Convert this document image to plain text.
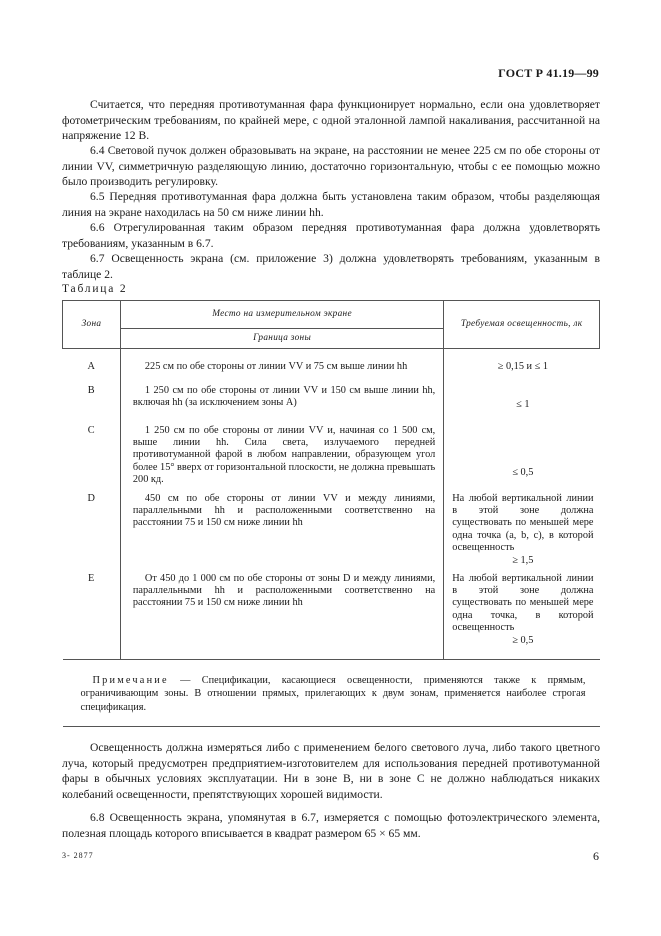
ГОСТ Р 41.19—99

Считается, что передняя противотуманная фара функционирует нормально, если она удовлетворяет фотометрическим требованиям, по крайней мере, с одной эталонной лампой накаливания, рассчитанной на напряжение 12 В.

6.4 Световой пучок должен образовывать на экране, на расстоянии не менее 225 см по обе стороны от линии VV, симметричную разделяющую линию, достаточно горизонтальную, чтобы с ее помощью можно было производить регулировку.

6.5 Передняя противотуманная фара должна быть установлена таким образом, чтобы разделяющая линия на экране находилась на 50 см ниже линии hh.

6.6 Отрегулированная таким образом передняя противотуманная фара должна удовлетворять требованиям, указанным в 6.7.

6.7 Освещенность экрана (см. приложение 3) должна удовлетворять требованиям, указанным в таблице 2.

Таблица 2
Зона	Место на измерительном экране	Требуемая освещенность, лк
	Граница зоны	
A	225 см по обе стороны от линии VV и 75 см выше линии hh	≥ 0,15 и ≤ 1

B	1 250 см по обе стороны от линии VV и 150 см выше линии hh, включая hh (за исключением зоны A)	≤ 1

C	1 250 см по обе стороны от линии VV и, начиная со 1 500 см, выше линии hh. Сила света, излучаемого передней противотуманной фарой в любом направлении, образующем угол более 15° вверх от горизонтальной плоскости, не должна превышать 200 кд.	≤ 0,5

D	450 см по обе стороны от линии VV и между линиями, параллельными hh и расположенными соответственно на расстоянии 75 и 150 см ниже линии hh	На любой вертикальной линии в этой зоне должна существовать по меньшей мере одна точка (a, b, c), в которой освещенность
≥ 1,5

E	От 450 до 1 000 см по обе стороны от зоны D и между линиями, параллельными hh и расположенными соответственно на расстоянии 75 и 150 см ниже линии hh	На любой вертикальной линии в этой зоне должна существовать по меньшей мере одна точка, в которой освещенность
≥ 0,5

Примечание — Спецификации, касающиеся освещенности, применяются также к прямым, ограничивающим зоны. В отношении прямых, прилегающих к двум зонам, применяется наиболее строгая спецификация.		

Освещенность должна измеряться либо с применением белого светового луча, либо такого цветного луча, который предусмотрен предприятием-изготовителем для использования передней противотуманной фары в обычных условиях эксплуатации. Ни в зоне B, ни в зоне C не должно наблюдаться никаких колебаний освещенности, препятствующих хорошей видимости.

6.8 Освещенность экрана, упомянутая в 6.7, измеряется с помощью фотоэлектрического элемента, полезная площадь которого вписывается в квадрат размером 65 × 65 мм.

3- 2877	6
